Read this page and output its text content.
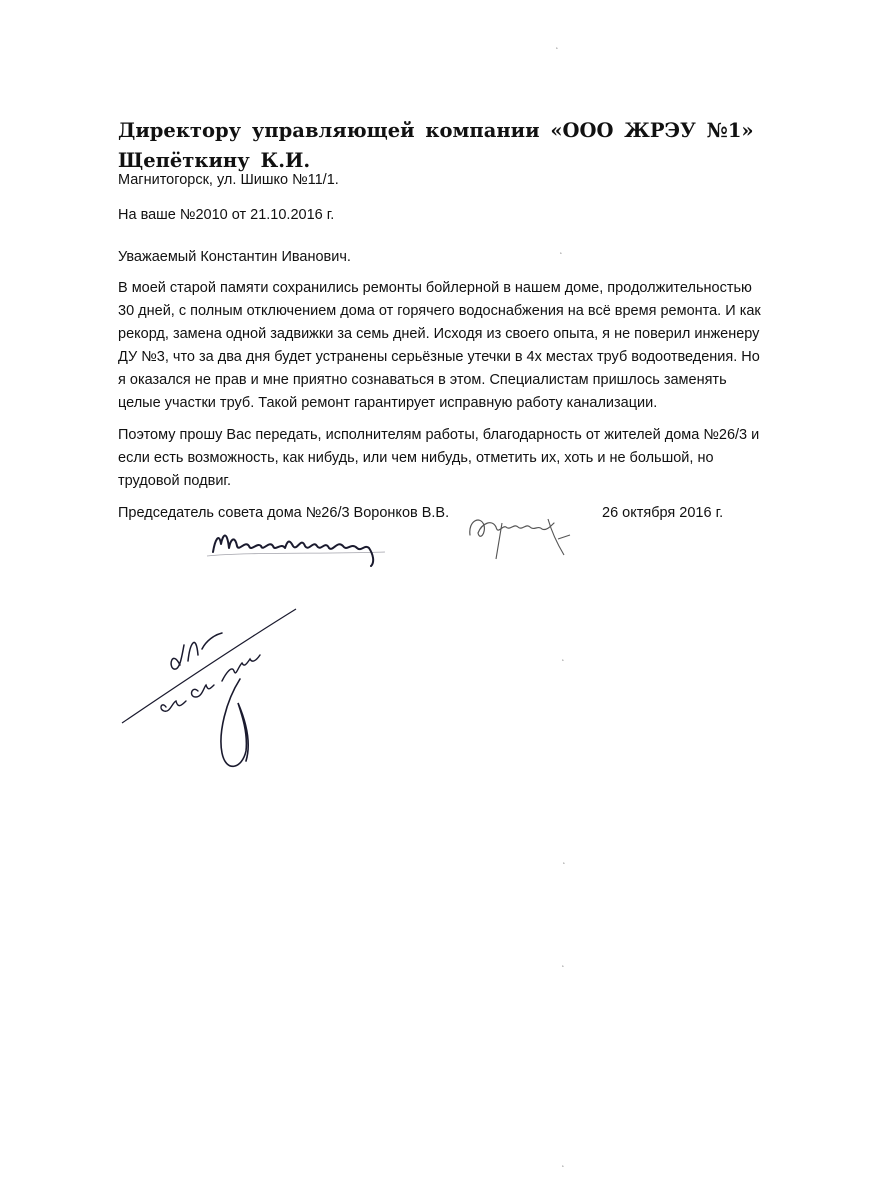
Директору управляющей компании «ООО ЖРЭУ №1» Щепёткину К.И.
Магнитогорск, ул. Шишко №11/1.
На ваше №2010 от 21.10.2016 г.
Уважаемый Константин Иванович.

В моей старой памяти сохранились ремонты бойлерной в нашем доме, продолжительностью 30 дней, с полным отключением дома от горячего водоснабжения на всё время ремонта. И как рекорд, замена одной задвижки за семь дней. Исходя из своего опыта, я не поверил инженеру ДУ №3, что за два дня будет устранены серьёзные утечки в 4х местах труб водоотведения. Но я оказался не прав и мне приятно сознаваться в этом. Специалистам пришлось заменять целые участки труб. Такой ремонт гарантирует исправную работу канализации.

Поэтому прошу Вас передать, исполнителям работы, благодарность от жителей дома №26/3 и если есть возможность, как нибудь, или чем нибудь, отметить их, хоть и не большой, но трудовой подвиг.

Председатель совета дома №26/3 Воронков В.В.	26 октября 2016 г.
˛
˛
˛
˛
˛
˛
